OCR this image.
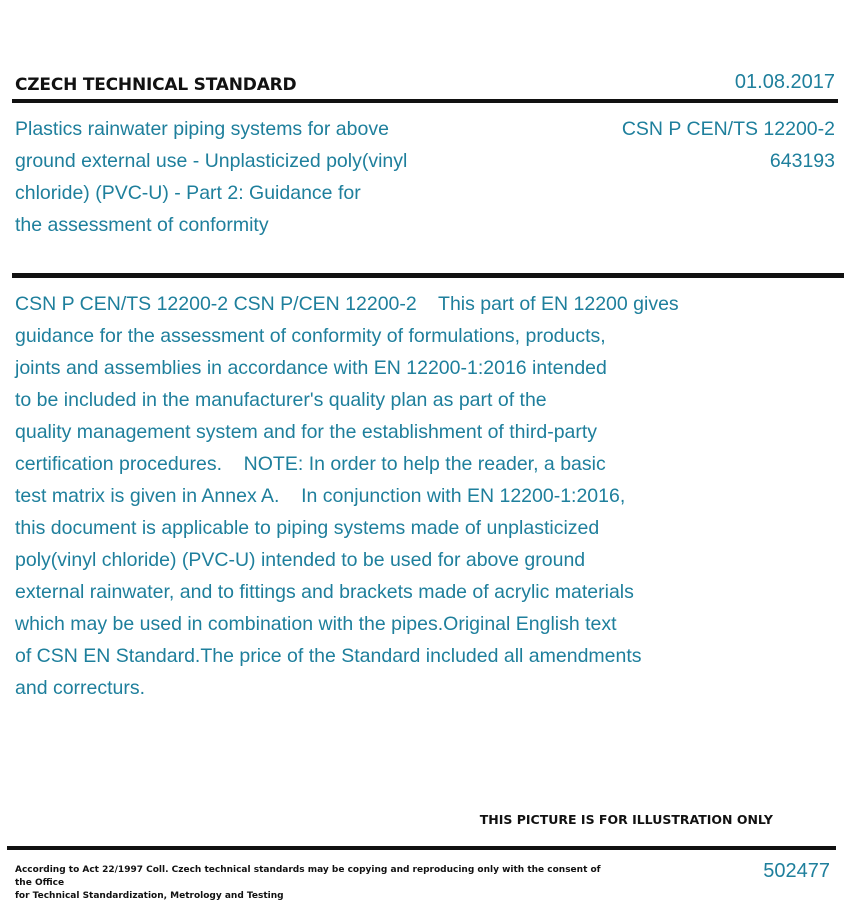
CZECH TECHNICAL STANDARD	01.08.2017
Plastics rainwater piping systems for above
ground external use - Unplasticized poly(vinyl
chloride) (PVC-U) - Part 2: Guidance for
the assessment of conformity
CSN P CEN/TS 12200-2
643193
CSN P CEN/TS 12200-2 CSN P/CEN 12200-2    This part of EN 12200 gives
guidance for the assessment of conformity of formulations, products,
joints and assemblies in accordance with EN 12200-1:2016 intended
to be included in the manufacturer's quality plan as part of the
quality management system and for the establishment of third-party
certification procedures.    NOTE: In order to help the reader, a basic
test matrix is given in Annex A.    In conjunction with EN 12200-1:2016,
this document is applicable to piping systems made of unplasticized
poly(vinyl chloride) (PVC-U) intended to be used for above ground
external rainwater, and to fittings and brackets made of acrylic materials
which may be used in combination with the pipes.Original English text
of CSN EN Standard.The price of the Standard included all amendments
and correcturs.
THIS PICTURE IS FOR ILLUSTRATION ONLY
According to Act 22/1997 Coll. Czech technical standards may be copying and reproducing only with the consent of the Office
for Technical Standardization, Metrology and Testing
502477
